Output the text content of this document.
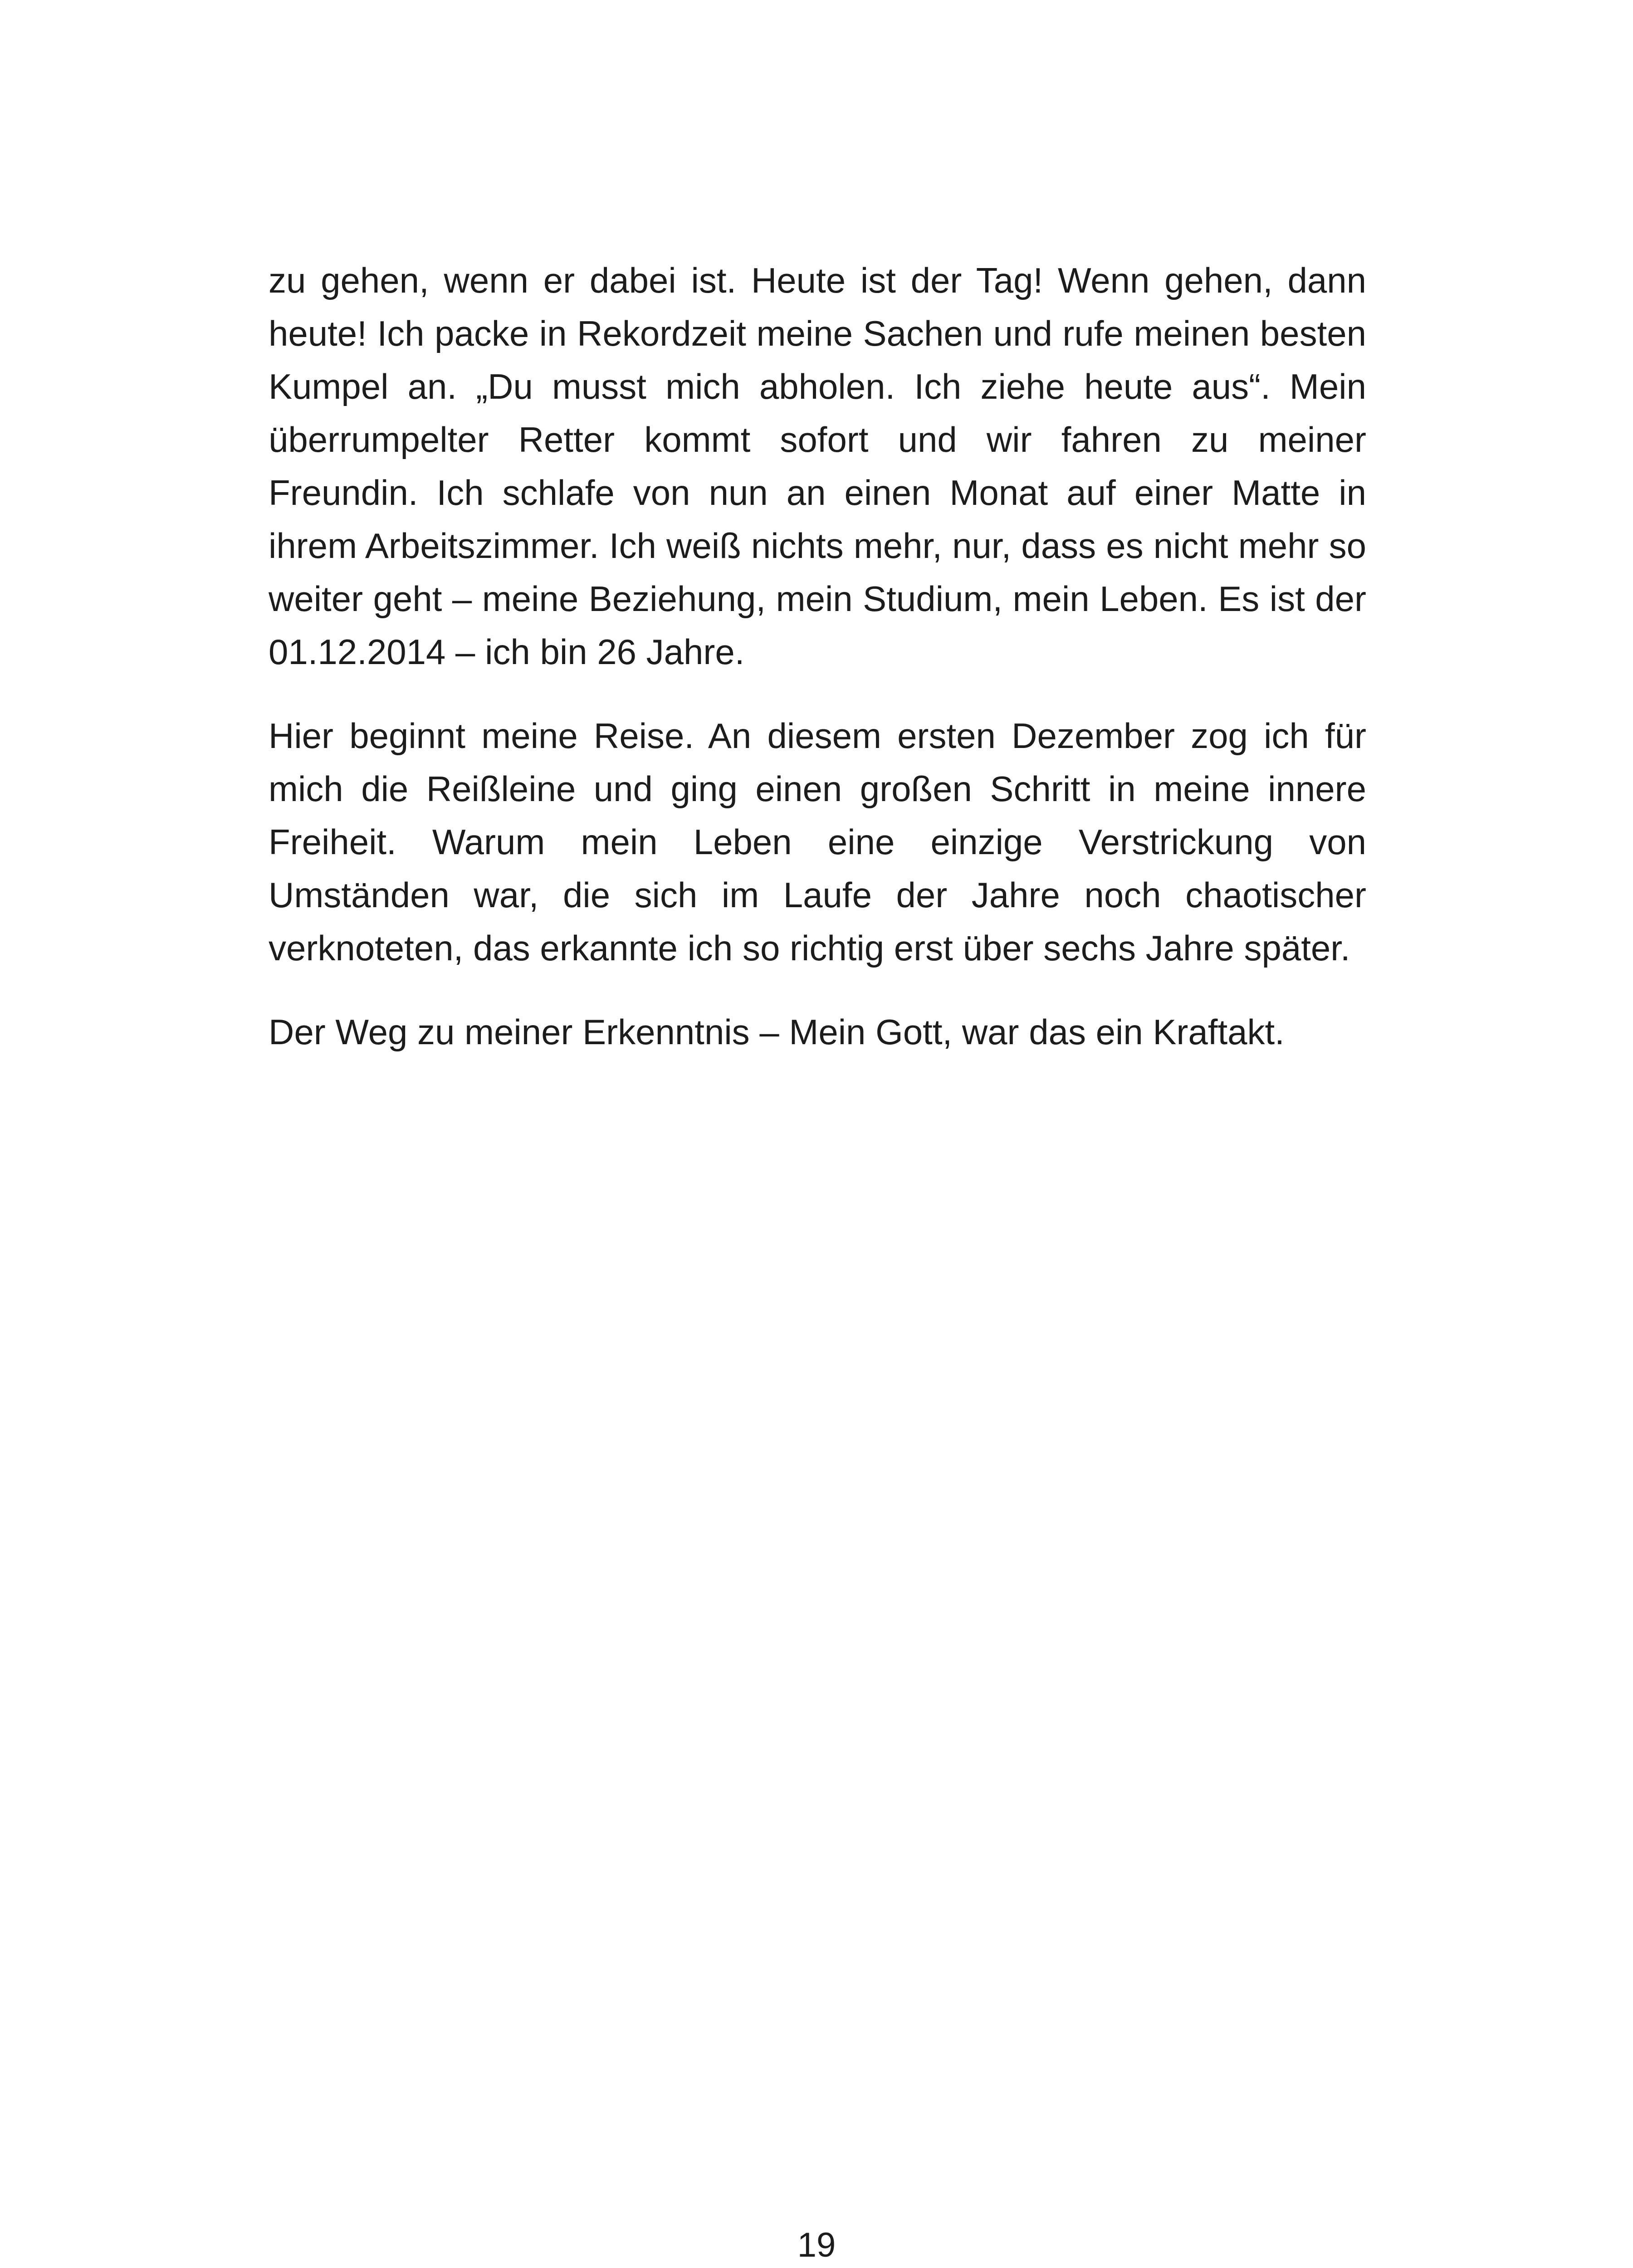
zu gehen, wenn er dabei ist. Heute ist der Tag! Wenn gehen, dann heute! Ich packe in Rekordzeit meine Sachen und rufe meinen besten Kumpel an. „Du musst mich abholen. Ich ziehe heute aus“. Mein überrumpelter Retter kommt sofort und wir fahren zu meiner Freundin. Ich schlafe von nun an einen Monat auf einer Matte in ihrem Arbeitszimmer. Ich weiß nichts mehr, nur, dass es nicht mehr so weiter geht – meine Beziehung, mein Studium, mein Leben. Es ist der 01.12.2014 – ich bin 26 Jahre.

Hier beginnt meine Reise. An diesem ersten Dezember zog ich für mich die Reißleine und ging einen großen Schritt in meine innere Freiheit. Warum mein Leben eine einzige Verstrickung von Umständen war, die sich im Laufe der Jahre noch chaotischer verknoteten, das erkannte ich so richtig erst über sechs Jahre später.

Der Weg zu meiner Erkenntnis – Mein Gott, war das ein Kraftakt.

19
